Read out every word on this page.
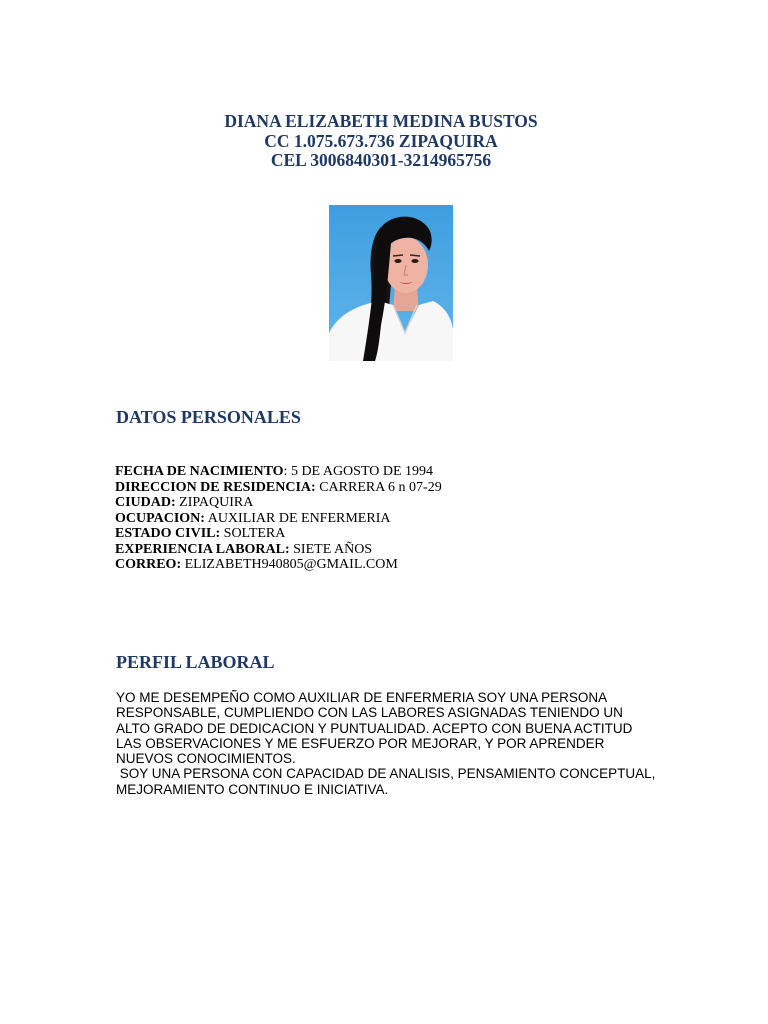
DIANA ELIZABETH MEDINA BUSTOS
CC 1.075.673.736 ZIPAQUIRA
CEL 3006840301-3214965756
DATOS PERSONALES
FECHA DE NACIMIENTO: 5 DE AGOSTO DE 1994
DIRECCION DE RESIDENCIA: CARRERA 6 n 07-29
CIUDAD: ZIPAQUIRA
OCUPACION: AUXILIAR DE ENFERMERIA
ESTADO CIVIL: SOLTERA
EXPERIENCIA LABORAL: SIETE AÑOS
CORREO: ELIZABETH940805@GMAIL.COM
PERFIL LABORAL

YO ME DESEMPEÑO COMO AUXILIAR DE ENFERMERIA SOY UNA PERSONA RESPONSABLE, CUMPLIENDO CON LAS LABORES ASIGNADAS TENIENDO UN ALTO GRADO DE DEDICACION Y PUNTUALIDAD. ACEPTO CON BUENA ACTITUD LAS OBSERVACIONES Y ME ESFUERZO POR MEJORAR, Y POR APRENDER NUEVOS CONOCIMIENTOS.

SOY UNA PERSONA CON CAPACIDAD DE ANALISIS, PENSAMIENTO CONCEPTUAL, MEJORAMIENTO CONTINUO E INICIATIVA.
